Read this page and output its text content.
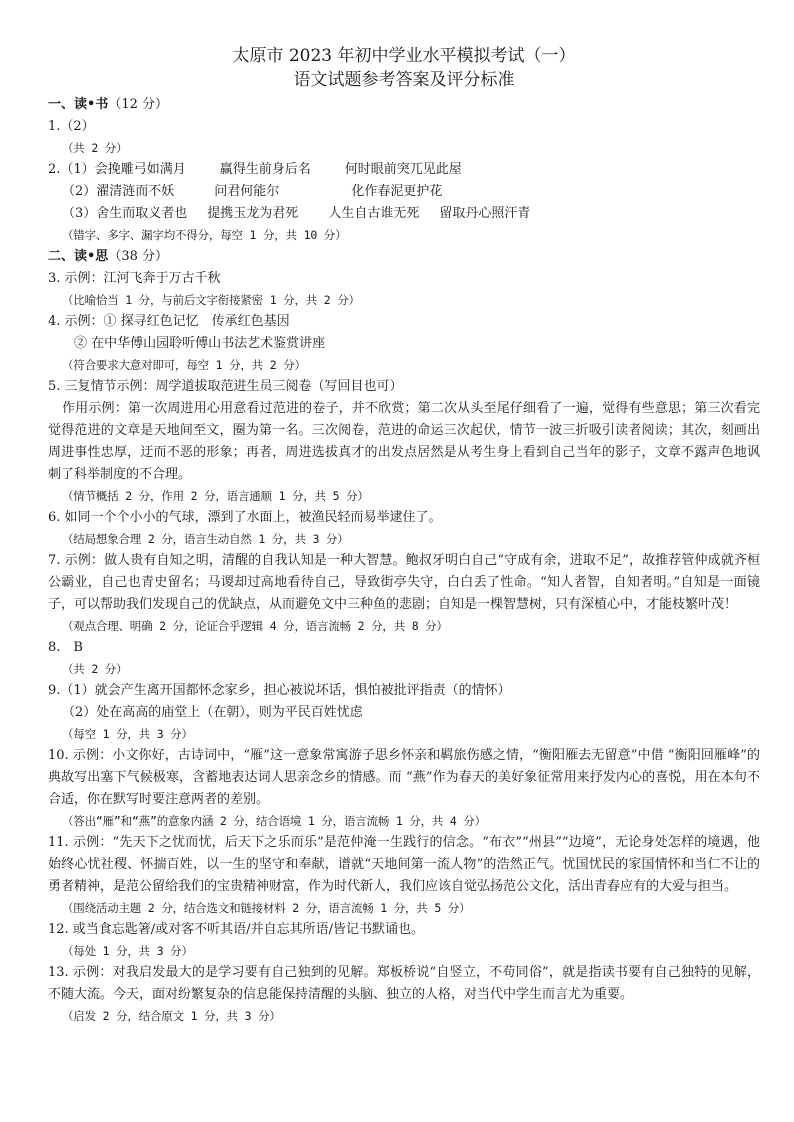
太原市 2023 年初中学业水平模拟考试（一）
语文试题参考答案及评分标准

一、读•书（12 分）

1.（2）

（共 2 分）

2.（1）会挽雕弓如满月	赢得生前身后名	何时眼前突兀见此屋

（2）濯清涟而不妖	问君何能尔	化作春泥更护花

（3）舍生而取义者也 提携玉龙为君死 人生自古谁无死 留取丹心照汗青

（错字、多字、漏字均不得分，每空 1 分，共 10 分）

二、读•思（38 分）

3. 示例：江河飞奔于万古千秋

（比喻恰当 1 分，与前后文字衔接紧密 1 分，共 2 分）

4. 示例：① 探寻红色记忆　传承红色基因

② 在中华傅山园聆听傅山书法艺术鉴赏讲座

（符合要求大意对即可，每空 1 分，共 2 分）

5. 三复情节示例：周学道拔取范进生员三阅卷（写回目也可）

作用示例：第一次周进用心用意看过范进的卷子，并不欣赏；第二次从头至尾仔细看了一遍，觉得有些意思；第三次看完觉得范进的文章是天地间至文，圈为第一名。三次阅卷，范进的命运三次起伏，情节一波三折吸引读者阅读；其次，刻画出周进事性忠厚，迂而不恶的形象；再者，周进选拔真才的出发点居然是从考生身上看到自己当年的影子，文章不露声色地讽刺了科举制度的不合理。

（情节概括 2 分，作用 2 分，语言通顺 1 分，共 5 分）

6. 如同一个个小小的气球，漂到了水面上，被渔民轻而易举逮住了。

（结局想象合理 2 分，语言生动自然 1 分，共 3 分）

7. 示例：做人贵有自知之明，清醒的自我认知是一种大智慧。鲍叔牙明白自己“守成有余，进取不足”，故推荐管仲成就齐桓公霸业，自己也青史留名；马谡却过高地看待自己，导致街亭失守，白白丢了性命。“知人者智，自知者明。”自知是一面镜子，可以帮助我们发现自己的优缺点，从而避免文中三种鱼的悲剧；自知是一棵智慧树，只有深植心中，才能枝繁叶茂！

（观点合理、明确 2 分，论证合乎逻辑 4 分，语言流畅 2 分，共 8 分）

8.　B

（共 2 分）

9.（1）就会产生离开国都怀念家乡，担心被说坏话，惧怕被批评指责（的情怀）

（2）处在高高的庙堂上（在朝），则为平民百姓忧虑

（每空 1 分，共 3 分）

10. 示例：小文你好，古诗词中，“雁”这一意象常寓游子思乡怀亲和羁旅伤感之情，“衡阳雁去无留意”中借 “衡阳回雁峰”的典故写出塞下气候极寒，含蓄地表达词人思亲念乡的情感。而 “燕”作为春天的美好象征常用来抒发内心的喜悦，用在本句不合适，你在默写时要注意两者的差别。

（答出“雁”和“燕”的意象内涵 2 分，结合语境 1 分，语言流畅 1 分，共 4 分）

11. 示例：“先天下之忧而忧，后天下之乐而乐”是范仲淹一生践行的信念。“布衣”“州县”“边境”，无论身处怎样的境遇，他始终心忧社稷、怀揣百姓，以一生的坚守和奉献，谱就“天地间第一流人物”的浩然正气。忧国忧民的家国情怀和当仁不让的勇者精神，是范公留给我们的宝贵精神财富，作为时代新人，我们应该自觉弘扬范公文化，活出青春应有的大爱与担当。

（围绕活动主题 2 分，结合选文和链接材料 2 分，语言流畅 1 分，共 5 分）

12. 或当食忘匙箸/或对客不听其语/并自忘其所语/皆记书默诵也。

（每处 1 分，共 3 分）

13. 示例：对我启发最大的是学习要有自己独到的见解。郑板桥说“自竖立，不苟同俗”，就是指读书要有自己独特的见解，不随大流。今天，面对纷繁复杂的信息能保持清醒的头脑、独立的人格，对当代中学生而言尤为重要。

（启发 2 分，结合原文 1 分，共 3 分）
